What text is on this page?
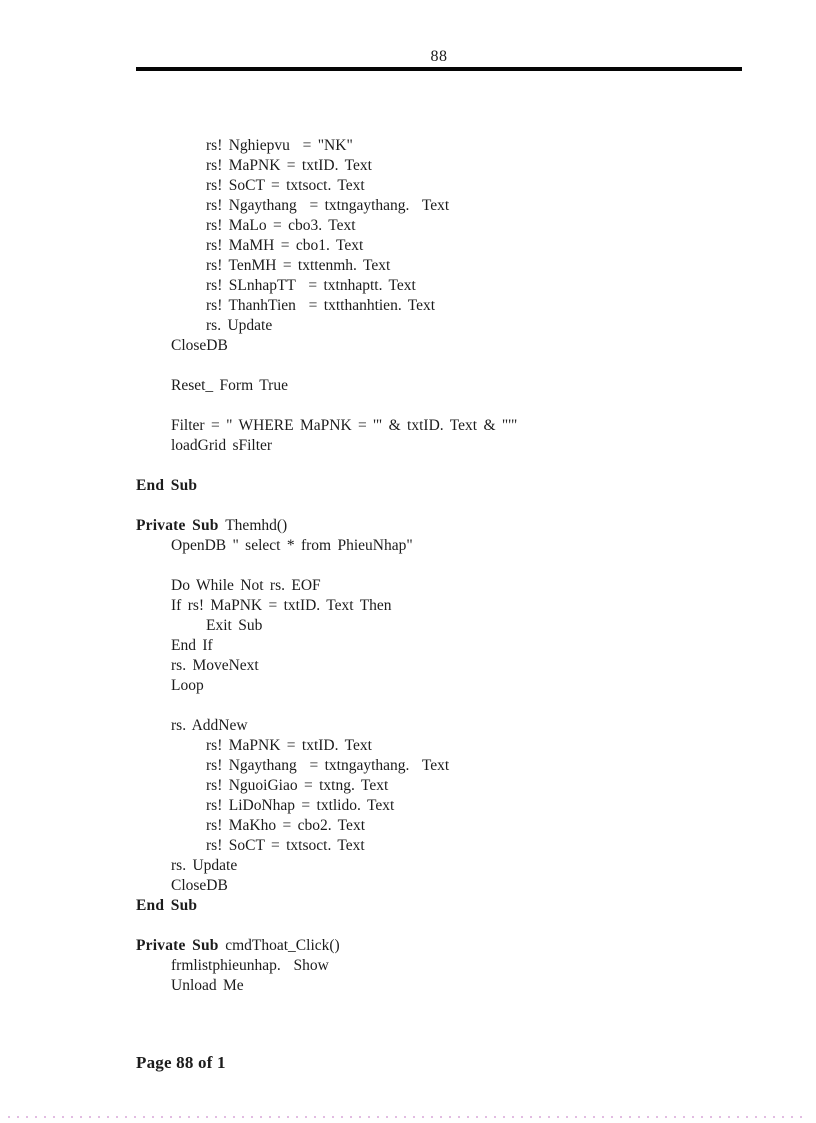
88
rs! Nghiepvu  = "NK"
rs! MaPNK = txtID. Text
rs! SoCT = txtsoct. Text
rs! Ngaythang  = txtngaythang.  Text
rs! MaLo = cbo3. Text
rs! MaMH = cbo1. Text
rs! TenMH = txttenmh. Text
rs! SLnhapTT  = txtnhaptt. Text
rs! ThanhTien  = txtthanhtien. Text
rs. Update
CloseDB

Reset_ Form True

Filter = " WHERE MaPNK = '" & txtID. Text & "'"
loadGrid sFilter

End Sub

Private Sub Themhd()
OpenDB " select * from PhieuNhap"

Do While Not rs. EOF
If rs! MaPNK = txtID. Text Then
Exit Sub
End If
rs. MoveNext
Loop

rs. AddNew
rs! MaPNK = txtID. Text
rs! Ngaythang  = txtngaythang.  Text
rs! NguoiGiao = txtng. Text
rs! LiDoNhap = txtlido. Text
rs! MaKho = cbo2. Text
rs! SoCT = txtsoct. Text
rs. Update
CloseDB
End Sub

Private Sub cmdThoat_Click()
frmlistphieunhap.  Show
Unload Me
Page 88 of 1
